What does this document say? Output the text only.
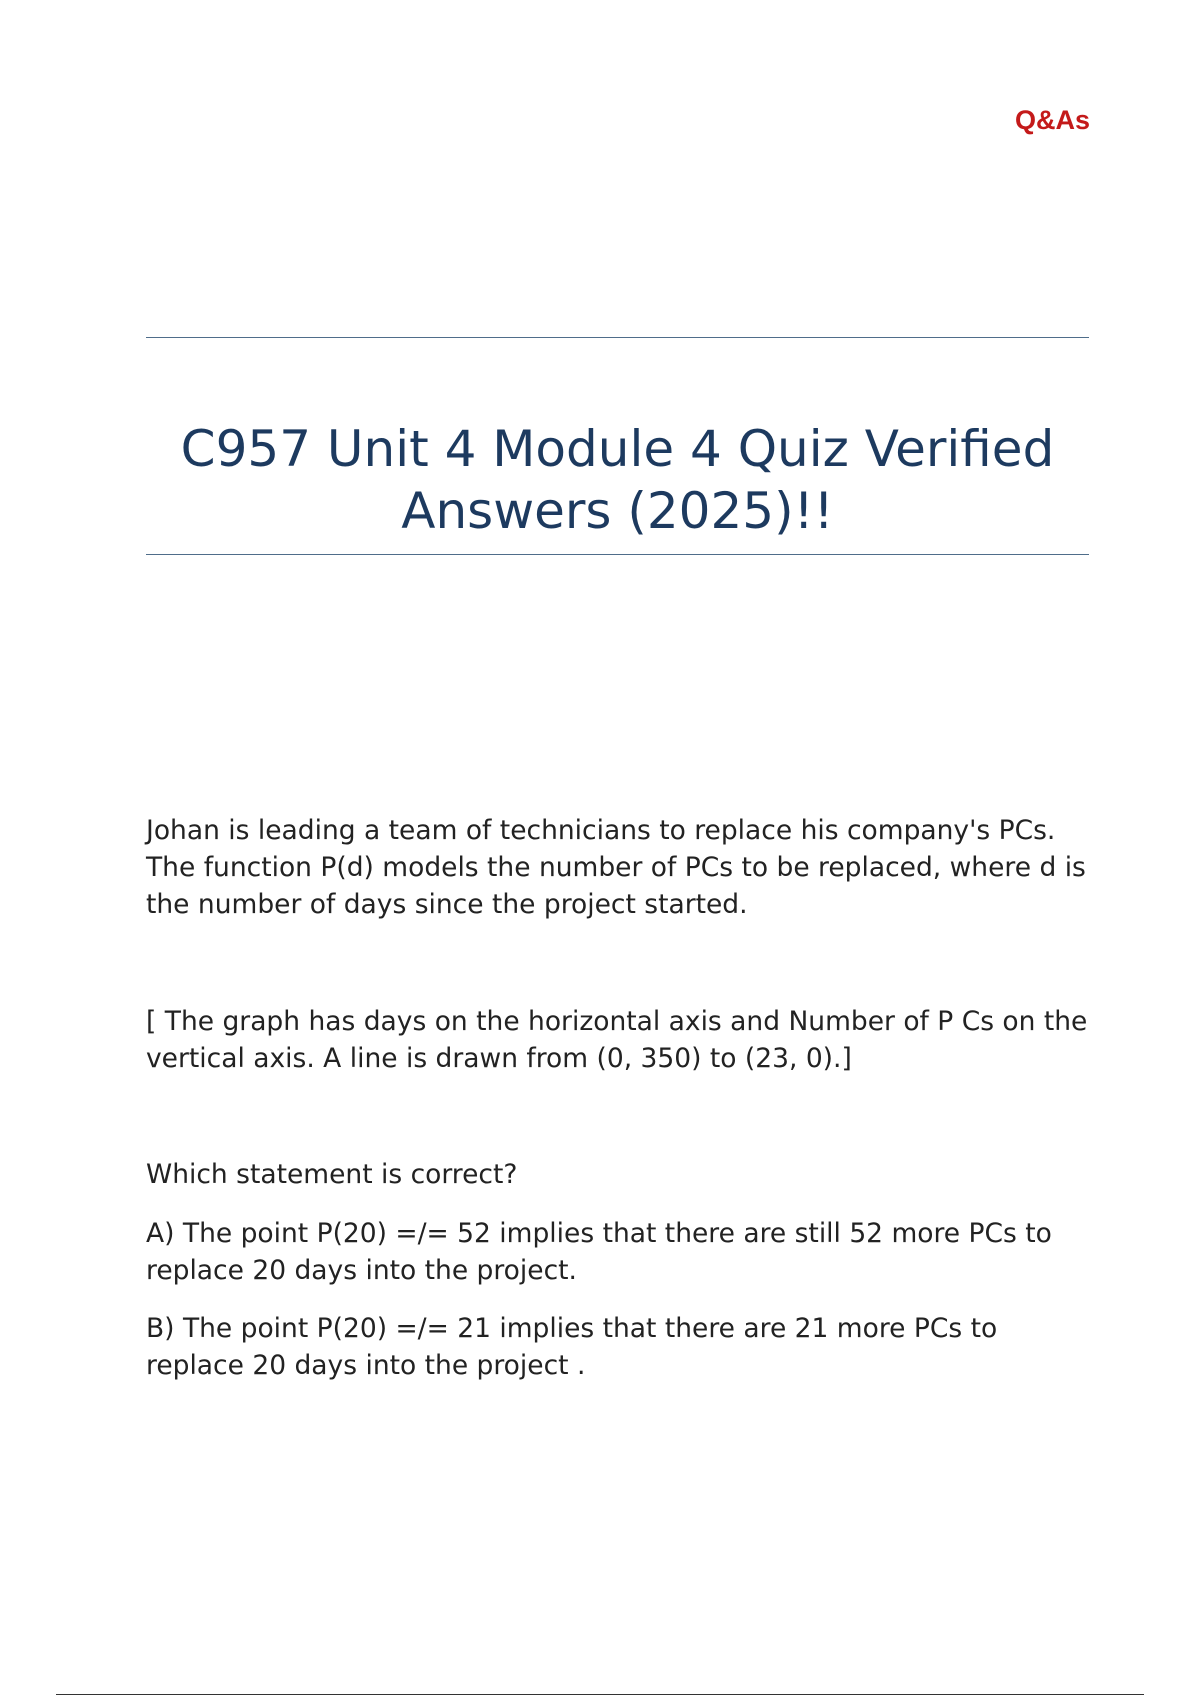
Q&As
C957 Unit 4 Module 4 Quiz Verified Answers (2025)!!

Johan is leading a team of technicians to replace his company's PCs. The function P(d) models the number of PCs to be replaced, where d is the number of days since the project started.

[ The graph has days on the horizontal axis and Number of P Cs on the vertical axis. A line is drawn from (0, 350) to (23, 0).]

Which statement is correct?

A) The point P(20) =/= 52 implies that there are still 52 more PCs to replace 20 days into the project.

B) The point P(20) =/= 21 implies that there are 21 more PCs to replace 20 days into the project .
